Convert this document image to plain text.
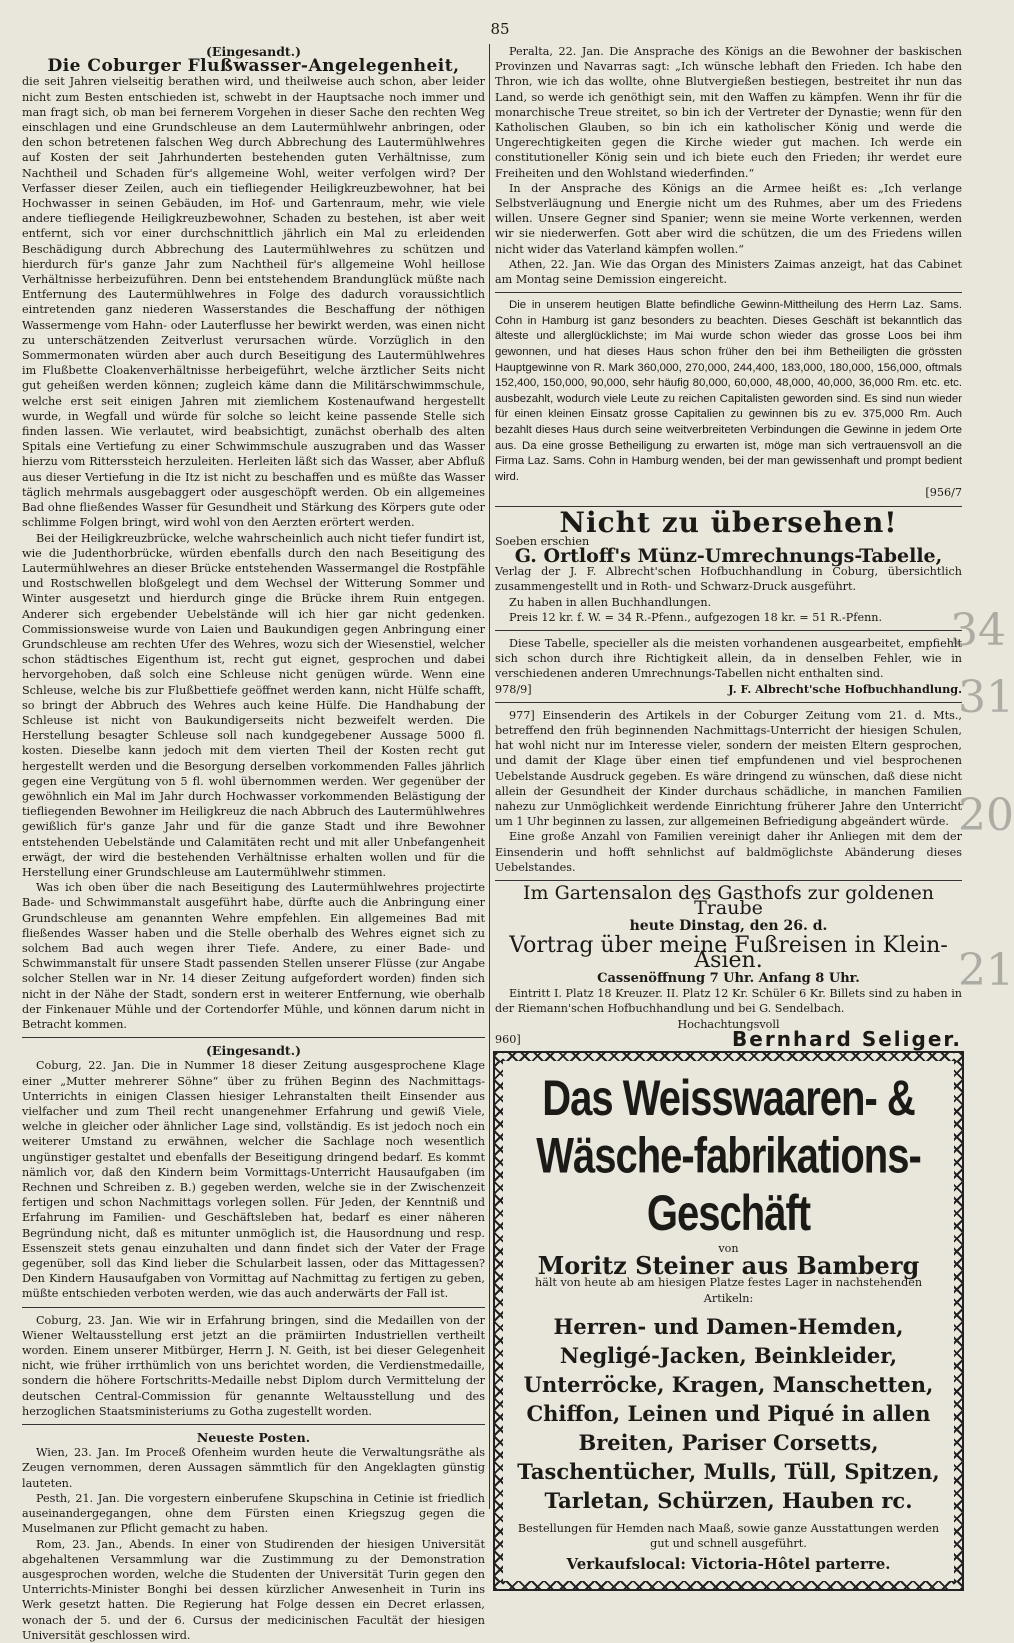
85
(Eingesandt.)
Die Coburger Flußwasser-Angelegenheit,

die seit Jahren vielseitig berathen wird, und theilweise auch schon, aber leider nicht zum Besten entschieden ist, schwebt in der Hauptsache noch immer und man fragt sich, ob man bei fernerem Vorgehen in dieser Sache den rechten Weg einschlagen und eine Grundschleuse an dem Lautermühlwehr anbringen, oder den schon betretenen falschen Weg durch Abbrechung des Lautermühlwehres auf Kosten der seit Jahrhunderten bestehenden guten Verhältnisse, zum Nachtheil und Schaden für's allgemeine Wohl, weiter verfolgen wird? Der Verfasser dieser Zeilen, auch ein tiefliegender Heiligkreuzbewohner, hat bei Hochwasser in seinen Gebäuden, im Hof- und Gartenraum, mehr, wie viele andere tiefliegende Heiligkreuzbewohner, Schaden zu bestehen, ist aber weit entfernt, sich vor einer durchschnittlich jährlich ein Mal zu erleidenden Beschädigung durch Abbrechung des Lautermühlwehres zu schützen und hierdurch für's ganze Jahr zum Nachtheil für's allgemeine Wohl heillose Verhältnisse herbeizuführen. Denn bei entstehendem Brandunglück müßte nach Entfernung des Lautermühlwehres in Folge des dadurch voraussichtlich eintretenden ganz niederen Wasserstandes die Beschaffung der nöthigen Wassermenge vom Hahn- oder Lauterflusse her bewirkt werden, was einen nicht zu unterschätzenden Zeitverlust verursachen würde. Vorzüglich in den Sommermonaten würden aber auch durch Beseitigung des Lautermühlwehres im Flußbette Cloakenverhältnisse herbeigeführt, welche ärztlicher Seits nicht gut geheißen werden können; zugleich käme dann die Militärschwimmschule, welche erst seit einigen Jahren mit ziemlichem Kostenaufwand hergestellt wurde, in Wegfall und würde für solche so leicht keine passende Stelle sich finden lassen. Wie verlautet, wird beabsichtigt, zunächst oberhalb des alten Spitals eine Vertiefung zu einer Schwimmschule auszugraben und das Wasser hierzu vom Ritterssteich herzuleiten. Herleiten läßt sich das Wasser, aber Abfluß aus dieser Vertiefung in die Itz ist nicht zu beschaffen und es müßte das Wasser täglich mehrmals ausgebaggert oder ausgeschöpft werden. Ob ein allgemeines Bad ohne fließendes Wasser für Gesundheit und Stärkung des Körpers gute oder schlimme Folgen bringt, wird wohl von den Aerzten erörtert werden.

Bei der Heiligkreuzbrücke, welche wahrscheinlich auch nicht tiefer fundirt ist, wie die Judenthorbrücke, würden ebenfalls durch den nach Beseitigung des Lautermühlwehres an dieser Brücke entstehenden Wassermangel die Rostpfähle und Rostschwellen bloßgelegt und dem Wechsel der Witterung Sommer und Winter ausgesetzt und hierdurch ginge die Brücke ihrem Ruin entgegen. Anderer sich ergebender Uebelstände will ich hier gar nicht gedenken. Commissionsweise wurde von Laien und Baukundigen gegen Anbringung einer Grundschleuse am rechten Ufer des Wehres, wozu sich der Wiesenstiel, welcher schon städtisches Eigenthum ist, recht gut eignet, gesprochen und dabei hervorgehoben, daß solch eine Schleuse nicht genügen würde. Wenn eine Schleuse, welche bis zur Flußbettiefe geöffnet werden kann, nicht Hülfe schafft, so bringt der Abbruch des Wehres auch keine Hülfe. Die Handhabung der Schleuse ist nicht von Baukundigerseits nicht bezweifelt werden. Die Herstellung besagter Schleuse soll nach kundgegebener Aussage 5000 fl. kosten. Dieselbe kann jedoch mit dem vierten Theil der Kosten recht gut hergestellt werden und die Besorgung derselben vorkommenden Falles jährlich gegen eine Vergütung von 5 fl. wohl übernommen werden. Wer gegenüber der gewöhnlich ein Mal im Jahr durch Hochwasser vorkommenden Belästigung der tiefliegenden Bewohner im Heiligkreuz die nach Abbruch des Lautermühlwehres gewißlich für's ganze Jahr und für die ganze Stadt und ihre Bewohner entstehenden Uebelstände und Calamitäten recht und mit aller Unbefangenheit erwägt, der wird die bestehenden Verhältnisse erhalten wollen und für die Herstellung einer Grundschleuse am Lautermühlwehr stimmen.

Was ich oben über die nach Beseitigung des Lautermühlwehres projectirte Bade- und Schwimmanstalt ausgeführt habe, dürfte auch die Anbringung einer Grundschleuse am genannten Wehre empfehlen. Ein allgemeines Bad mit fließendes Wasser haben und die Stelle oberhalb des Wehres eignet sich zu solchem Bad auch wegen ihrer Tiefe. Andere, zu einer Bade- und Schwimmanstalt für unsere Stadt passenden Stellen unserer Flüsse (zur Angabe solcher Stellen war in Nr. 14 dieser Zeitung aufgefordert worden) finden sich nicht in der Nähe der Stadt, sondern erst in weiterer Entfernung, wie oberhalb der Finkenauer Mühle und der Cortendorfer Mühle, und können darum nicht in Betracht kommen.

(Eingesandt.)

Coburg, 22. Jan. Die in Nummer 18 dieser Zeitung ausgesprochene Klage einer „Mutter mehrerer Söhne“ über zu frühen Beginn des Nachmittags-Unterrichts in einigen Classen hiesiger Lehranstalten theilt Einsender aus vielfacher und zum Theil recht unangenehmer Erfahrung und gewiß Viele, welche in gleicher oder ähnlicher Lage sind, vollständig. Es ist jedoch noch ein weiterer Umstand zu erwähnen, welcher die Sachlage noch wesentlich ungünstiger gestaltet und ebenfalls der Beseitigung dringend bedarf. Es kommt nämlich vor, daß den Kindern beim Vormittags-Unterricht Hausaufgaben (im Rechnen und Schreiben z. B.) gegeben werden, welche sie in der Zwischenzeit fertigen und schon Nachmittags vorlegen sollen. Für Jeden, der Kenntniß und Erfahrung im Familien- und Geschäftsleben hat, bedarf es einer näheren Begründung nicht, daß es mitunter unmöglich ist, die Hausordnung und resp. Essenszeit stets genau einzuhalten und dann findet sich der Vater der Frage gegenüber, soll das Kind lieber die Schularbeit lassen, oder das Mittagessen? Den Kindern Hausaufgaben von Vormittag auf Nachmittag zu fertigen zu geben, müßte entschieden verboten werden, wie das auch anderwärts der Fall ist.

Coburg, 23. Jan. Wie wir in Erfahrung bringen, sind die Medaillen von der Wiener Weltausstellung erst jetzt an die prämiirten Industriellen vertheilt worden. Einem unserer Mitbürger, Herrn J. N. Geith, ist bei dieser Gelegenheit nicht, wie früher irrthümlich von uns berichtet worden, die Verdienstmedaille, sondern die höhere Fortschritts-Medaille nebst Diplom durch Vermittelung der deutschen Central-Commission für genannte Weltausstellung und des herzoglichen Staatsministeriums zu Gotha zugestellt worden.

Neueste Posten.

Wien, 23. Jan. Im Proceß Ofenheim wurden heute die Verwaltungsräthe als Zeugen vernommen, deren Aussagen sämmtlich für den Angeklagten günstig lauteten.

Pesth, 21. Jan. Die vorgestern einberufene Skupschina in Cetinie ist friedlich auseinandergegangen, ohne dem Fürsten einen Kriegszug gegen die Muselmanen zur Pflicht gemacht zu haben.

Rom, 23. Jan., Abends. In einer von Studirenden der hiesigen Universität abgehaltenen Versammlung war die Zustimmung zu der Demonstration ausgesprochen worden, welche die Studenten der Universität Turin gegen den Unterrichts-Minister Bonghi bei dessen kürzlicher Anwesenheit in Turin ins Werk gesetzt hatten. Die Regierung hat Folge dessen ein Decret erlassen, wonach der 5. und der 6. Cursus der medicinischen Facultät der hiesigen Universität geschlossen wird.

Peralta, 22. Jan. Die Ansprache des Königs an die Bewohner der baskischen Provinzen und Navarras sagt: „Ich wünsche lebhaft den Frieden. Ich habe den Thron, wie ich das wollte, ohne Blutvergießen bestiegen, bestreitet ihr nun das Land, so werde ich genöthigt sein, mit den Waffen zu kämpfen. Wenn ihr für die monarchische Treue streitet, so bin ich der Vertreter der Dynastie; wenn für den Katholischen Glauben, so bin ich ein katholischer König und werde die Ungerechtigkeiten gegen die Kirche wieder gut machen. Ich werde ein constitutioneller König sein und ich biete euch den Frieden; ihr werdet eure Freiheiten und den Wohlstand wiederfinden.“

In der Ansprache des Königs an die Armee heißt es: „Ich verlange Selbstverläugnung und Energie nicht um des Ruhmes, aber um des Friedens willen. Unsere Gegner sind Spanier; wenn sie meine Worte verkennen, werden wir sie niederwerfen. Gott aber wird die schützen, die um des Friedens willen nicht wider das Vaterland kämpfen wollen.“

Athen, 22. Jan. Wie das Organ des Ministers Zaimas anzeigt, hat das Cabinet am Montag seine Demission eingereicht.

Die in unserem heutigen Blatte befindliche Gewinn-Mittheilung des Herrn Laz. Sams. Cohn in Hamburg ist ganz besonders zu beachten. Dieses Geschäft ist bekanntlich das älteste und allerglücklichste; im Mai wurde schon wieder das grosse Loos bei ihm gewonnen, und hat dieses Haus schon früher den bei ihm Betheiligten die grössten Hauptgewinne von R. Mark 360,000, 270,000, 244,400, 183,000, 180,000, 156,000, oftmals 152,400, 150,000, 90,000, sehr häufig 80,000, 60,000, 48,000, 40,000, 36,000 Rm. etc. etc. ausbezahlt, wodurch viele Leute zu reichen Capitalisten geworden sind. Es sind nun wieder für einen kleinen Einsatz grosse Capitalien zu gewinnen bis zu ev. 375,000 Rm. Auch bezahlt dieses Haus durch seine weitverbreiteten Verbindungen die Gewinne in jedem Orte aus. Da eine grosse Betheiligung zu erwarten ist, möge man sich vertrauensvoll an die Firma Laz. Sams. Cohn in Hamburg wenden, bei der man gewissenhaft und prompt bedient wird.

[956/7
Nicht zu übersehen!
Soeben erschien
G. Ortloff's Münz-Umrechnungs-Tabelle,
Verlag der J. F. Albrecht'schen Hofbuchhandlung in Coburg, übersichtlich zusammengestellt und in Roth- und Schwarz-Druck ausgeführt.

Zu haben in allen Buchhandlungen.

Preis 12 kr. f. W. = 34 R.-Pfenn., aufgezogen 18 kr. = 51 R.-Pfenn.

Diese Tabelle, specieller als die meisten vorhandenen ausgearbeitet, empfiehlt sich schon durch ihre Richtigkeit allein, da in denselben Fehler, wie in verschiedenen anderen Umrechnungs-Tabellen nicht enthalten sind.

978/9]	J. F. Albrecht'sche Hofbuchhandlung.

977] Einsenderin des Artikels in der Coburger Zeitung vom 21. d. Mts., betreffend den früh beginnenden Nachmittags-Unterricht der hiesigen Schulen, hat wohl nicht nur im Interesse vieler, sondern der meisten Eltern gesprochen, und damit der Klage über einen tief empfundenen und viel besprochenen Uebelstande Ausdruck gegeben. Es wäre dringend zu wünschen, daß diese nicht allein der Gesundheit der Kinder durchaus schädliche, in manchen Familien nahezu zur Unmöglichkeit werdende Einrichtung früherer Jahre den Unterricht um 1 Uhr beginnen zu lassen, zur allgemeinen Befriedigung abgeändert würde.

Eine große Anzahl von Familien vereinigt daher ihr Anliegen mit dem der Einsenderin und hofft sehnlichst auf baldmöglichste Abänderung dieses Uebelstandes.

Im Gartensalon des Gasthofs zur goldenen Traube
heute Dinstag, den 26. d.
Vortrag über meine Fußreisen in Klein-Asien.
Cassenöffnung 7 Uhr. Anfang 8 Uhr.

Eintritt I. Platz 18 Kreuzer. II. Platz 12 Kr. Schüler 6 Kr. Billets sind zu haben in der Riemann'schen Hofbuchhandlung und bei G. Sendelbach.

Hochachtungsvoll
960]	Bernhard Seliger.
Das Weisswaaren- & Wäsche-fabrikations-Geschäft
von
Moritz Steiner aus Bamberg
hält von heute ab am hiesigen Platze festes Lager in nachstehenden Artikeln:
Herren- und Damen-Hemden, Negligé-Jacken, Beinkleider, Unterröcke, Kragen, Manschetten, Chiffon, Leinen und Piqué in allen Breiten, Pariser Corsetts, Taschentücher, Mulls, Tüll, Spitzen, Tarletan, Schürzen, Hauben rc.

Bestellungen für Hemden nach Maaß, sowie ganze Ausstattungen werden gut und schnell ausgeführt.

Verkaufslocal: Victoria-Hôtel parterre.
31
34
20
21
